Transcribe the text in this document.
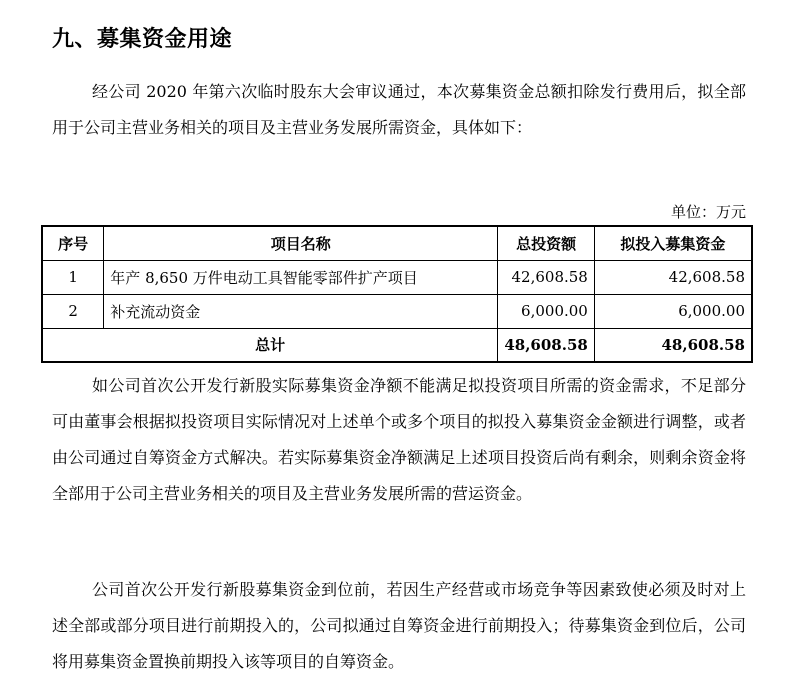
九、募集资金用途

经公司 2020 年第六次临时股东大会审议通过，本次募集资金总额扣除发行费用后，拟全部用于公司主营业务相关的项目及主营业务发展所需资金，具体如下：

单位：万元
序号	项目名称	总投资额	拟投入募集资金
1	年产 8,650 万件电动工具智能零部件扩产项目	42,608.58	42,608.58
2	补充流动资金	6,000.00	6,000.00
总计		48,608.58	48,608.58

如公司首次公开发行新股实际募集资金净额不能满足拟投资项目所需的资金需求，不足部分可由董事会根据拟投资项目实际情况对上述单个或多个项目的拟投入募集资金金额进行调整，或者由公司通过自筹资金方式解决。若实际募集资金净额满足上述项目投资后尚有剩余，则剩余资金将全部用于公司主营业务相关的项目及主营业务发展所需的营运资金。

公司首次公开发行新股募集资金到位前，若因生产经营或市场竞争等因素致使必须及时对上述全部或部分项目进行前期投入的，公司拟通过自筹资金进行前期投入；待募集资金到位后，公司将用募集资金置换前期投入该等项目的自筹资金。
